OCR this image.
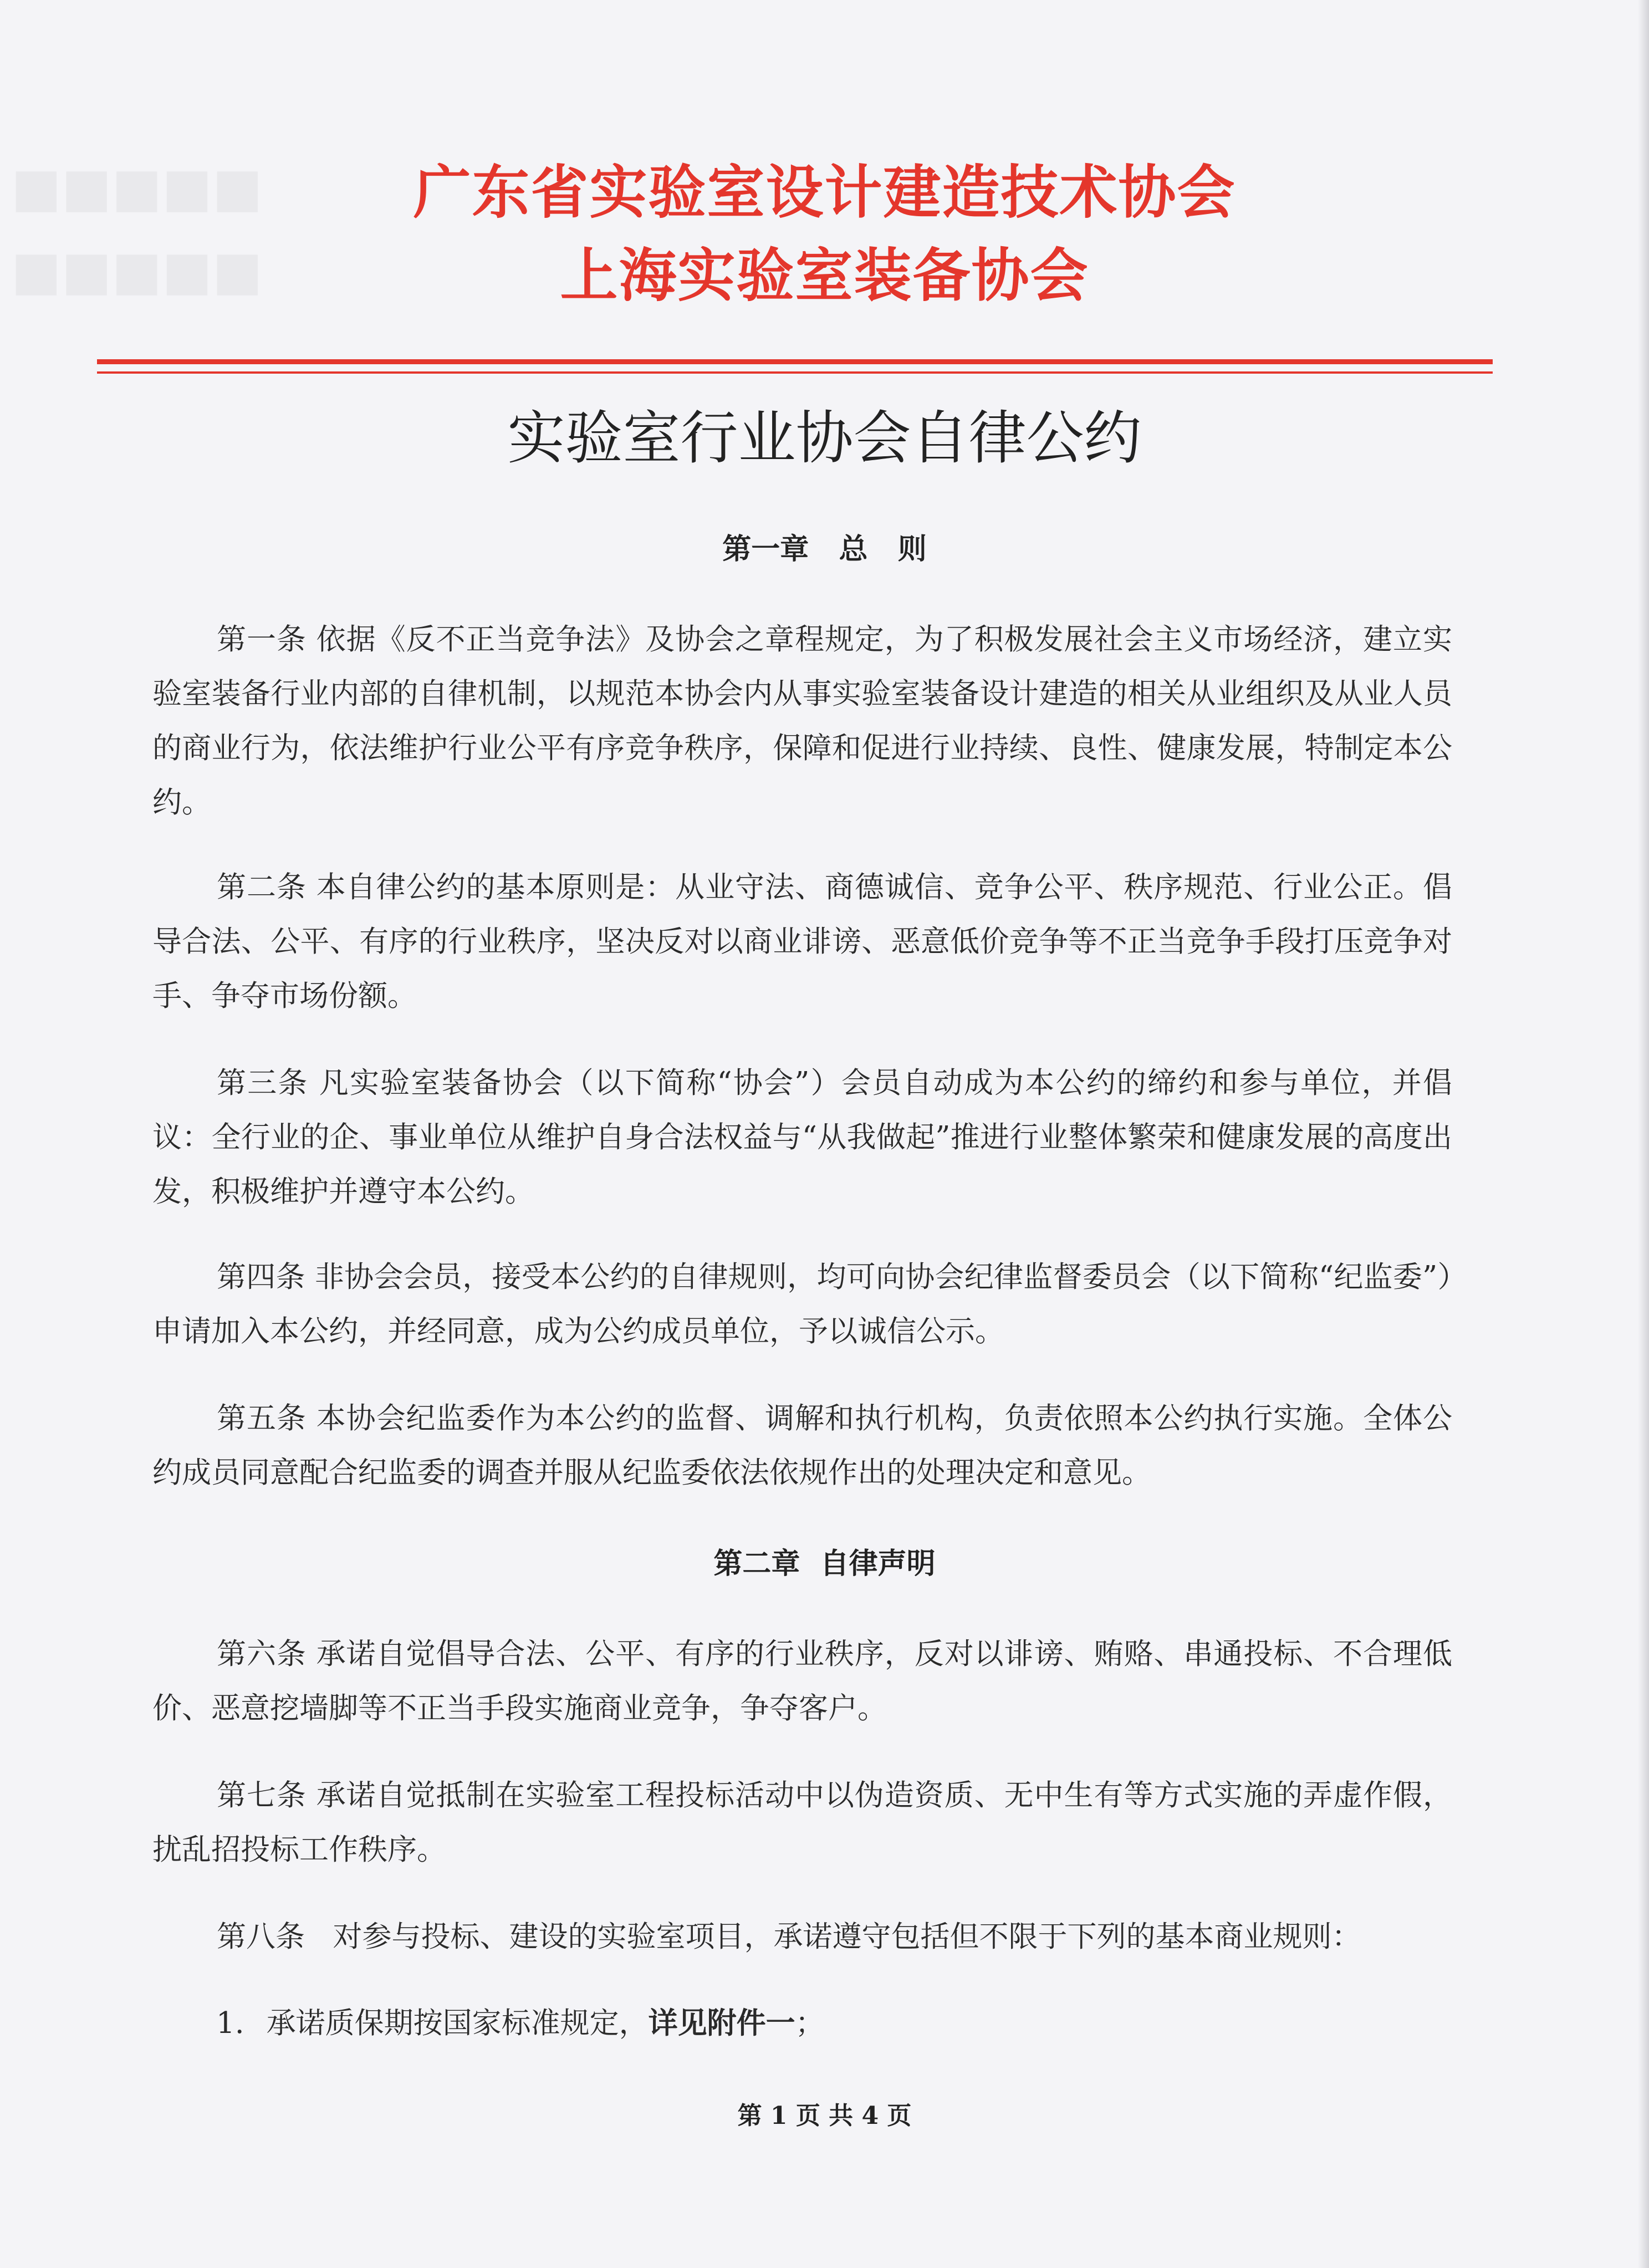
■■■■■
■■■■■
广东省实验室设计建造技术协会
上海实验室装备协会
实验室行业协会自律公约
第一章   总   则
第一条 依据《反不正当竞争法》及协会之章程规定，为了积极发展社会主义市场经济，建立实验室装备行业内部的自律机制，以规范本协会内从事实验室装备设计建造的相关从业组织及从业人员的商业行为，依法维护行业公平有序竞争秩序，保障和促进行业持续、良性、健康发展，特制定本公约。
第二条 本自律公约的基本原则是：从业守法、商德诚信、竞争公平、秩序规范、行业公正。倡导合法、公平、有序的行业秩序，坚决反对以商业诽谤、恶意低价竞争等不正当竞争手段打压竞争对手、争夺市场份额。
第三条 凡实验室装备协会（以下简称“协会”）会员自动成为本公约的缔约和参与单位，并倡议：全行业的企、事业单位从维护自身合法权益与“从我做起”推进行业整体繁荣和健康发展的高度出发，积极维护并遵守本公约。
第四条 非协会会员，接受本公约的自律规则，均可向协会纪律监督委员会（以下简称“纪监委”）申请加入本公约，并经同意，成为公约成员单位，予以诚信公示。
第五条 本协会纪监委作为本公约的监督、调解和执行机构，负责依照本公约执行实施。全体公约成员同意配合纪监委的调查并服从纪监委依法依规作出的处理决定和意见。
第二章  自律声明
第六条 承诺自觉倡导合法、公平、有序的行业秩序，反对以诽谤、贿赂、串通投标、不合理低价、恶意挖墙脚等不正当手段实施商业竞争，争夺客户。
第七条 承诺自觉抵制在实验室工程投标活动中以伪造资质、无中生有等方式实施的弄虚作假，扰乱招投标工作秩序。
第八条   对参与投标、建设的实验室项目，承诺遵守包括但不限于下列的基本商业规则：
1. 承诺质保期按国家标准规定，详见附件一；
第 1 页 共 4 页
